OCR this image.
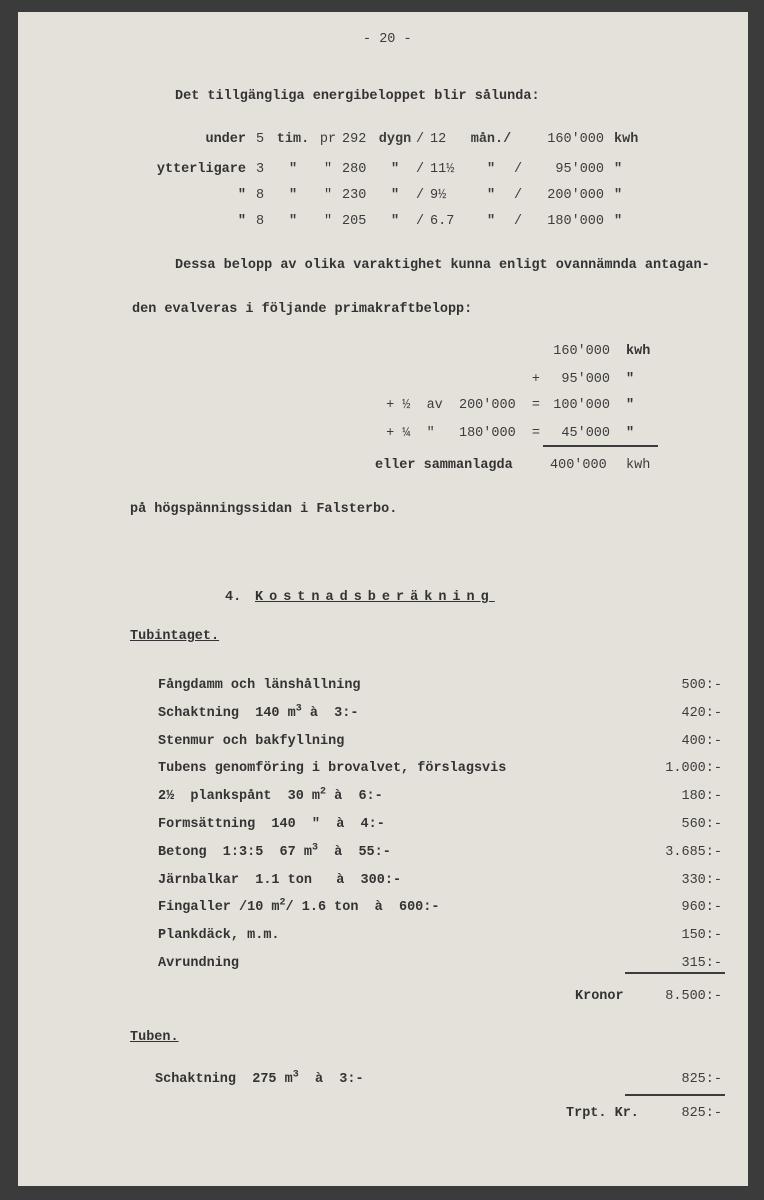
- 20 -
Det tillgängliga energibeloppet blir sålunda:
under 5 tim. pr 292 dygn / 12	mån./	160'000 kwh
ytterligare 3	"	" 280	"	/ 11½	"	/	95'000 "
" 8	"	" 230	"	/ 9½	"	/	200'000 "
" 8	"	" 205	"	/ 6.7	"	/	180'000 "
Dessa belopp av olika varaktighet kunna enligt ovannämnda antagan-
den evalveras i följande primakraftbelopp:
160'000 kwh
+ 95'000 "
+ ½  av  200'000  = 100'000 "
+ ¼  "   180'000  = 45'000 "
eller sammanlagda	400'000 kwh
på högspänningssidan i Falsterbo.
4. Kostnadsberäkning
Tubintaget.
Fångdamm och länshållning	500:-
Schaktning  140 $m^3$ à  3:-	420:-
Stenmur och bakfyllning	400:-
Tubens genomföring i brovalvet, förslagsvis	1.000:-
2½  plankspånt  30 $m^2$ à  6:-	180:-
Formsättning  140  "  à  4:-	560:-
Betong  1:3:5  67 $m^3$  à  55:-	3.685:-
Järnbalkar  1.1 ton   à  300:-	330:-
Fingaller /10 $m^2/$ 1.6 ton  à  600:-	960:-
Plankdäck, m.m.	150:-
Avrundning	315:-
Kronor	8.500:-
Tuben.
Schaktning  275 $m^3$  à  3:-	825:-
Trpt. Kr.	825:-
